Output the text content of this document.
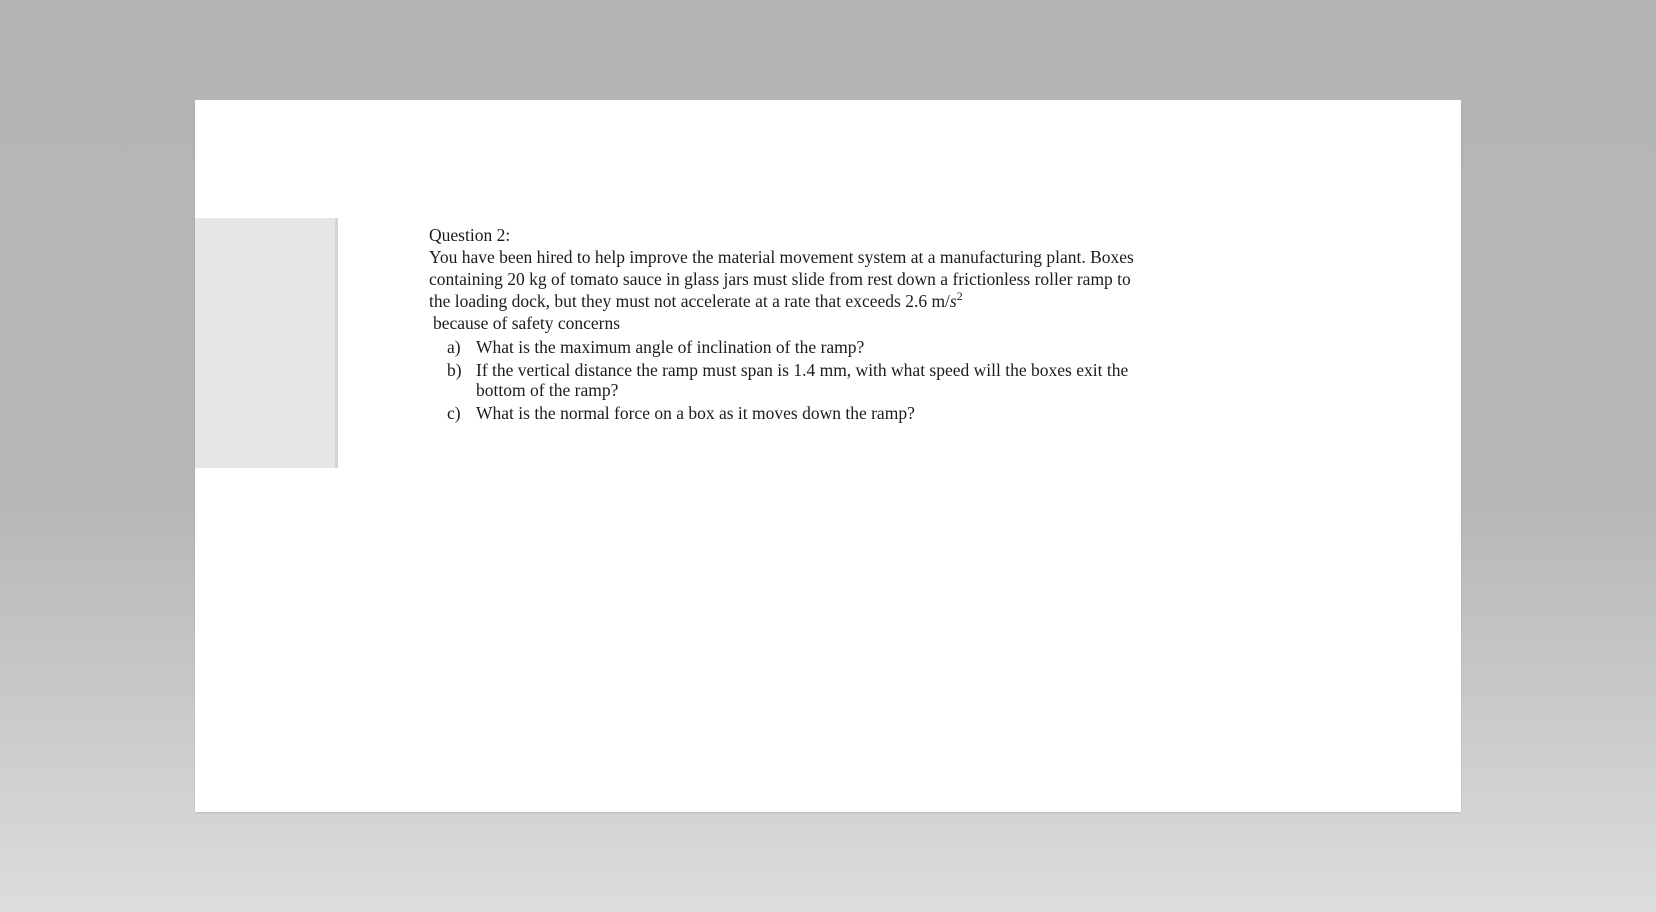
Question 2:
You have been hired to help improve the material movement system at a manufacturing plant. Boxes
containing 20 kg of tomato sauce in glass jars must slide from rest down a frictionless roller ramp to
the loading dock, but they must not accelerate at a rate that exceeds 2.6 $m/s^2$
because of safety concerns
a) What is the maximum angle of inclination of the ramp?
b) If the vertical distance the ramp must span is 1.4 mm, with what speed will the boxes exit the
bottom of the ramp?
c) What is the normal force on a box as it moves down the ramp?
